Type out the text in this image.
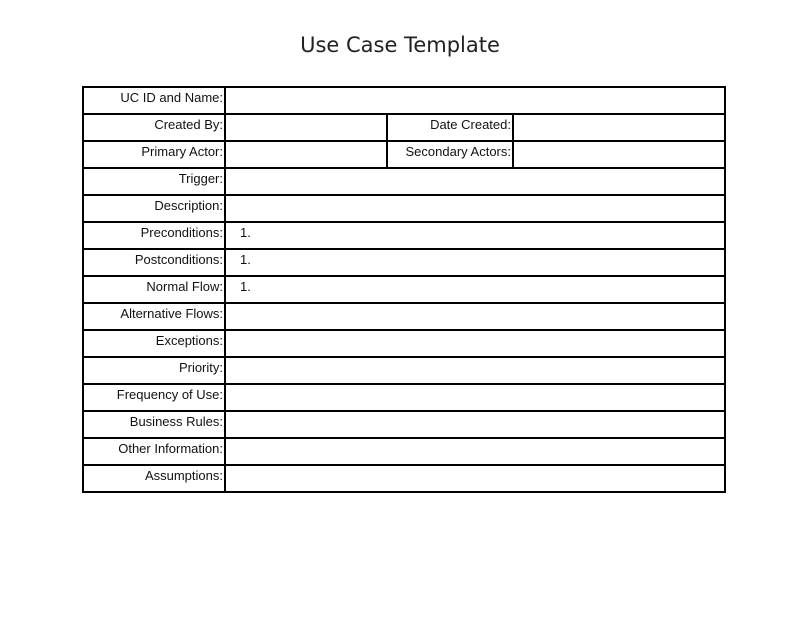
Use Case Template
UC ID and Name:			
Created By:		Date Created:	
Primary Actor:		Secondary Actors:	
Trigger:			
Description:			
Preconditions:	1.		
Postconditions:	1.		
Normal Flow:	1.		
Alternative Flows:			
Exceptions:			
Priority:			
Frequency of Use:			
Business Rules:			
Other Information:			
Assumptions:			
